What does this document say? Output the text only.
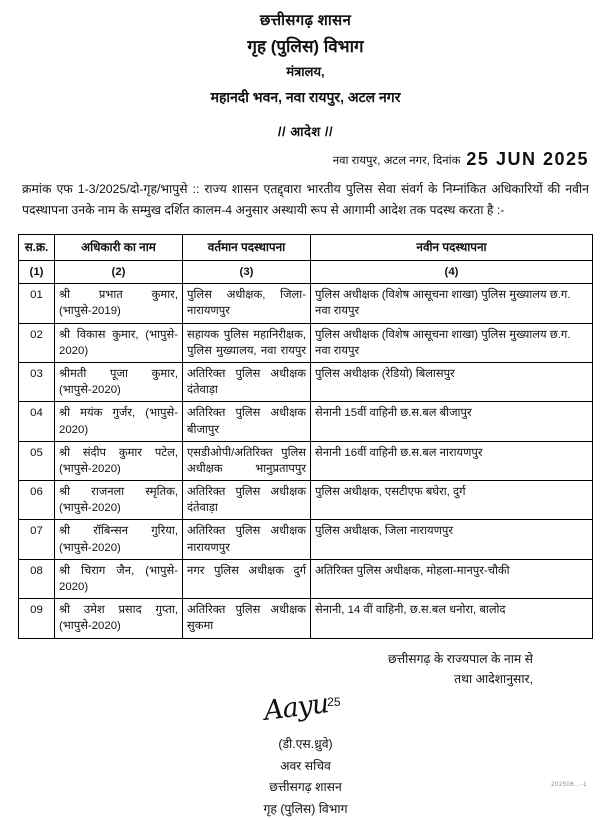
छत्तीसगढ़ शासन
गृह (पुलिस) विभाग
मंत्रालय,
महानदी भवन, नवा रायपुर, अटल नगर
// आदेश //
नवा रायपुर, अटल नगर, दिनांक 25 JUN 2025
क्रमांक एफ 1-3/2025/दो-गृह/भापुसे :: राज्य शासन एतद्द्वारा भारतीय पुलिस सेवा संवर्ग के निम्नांकित अधिकारियों की नवीन पदस्थापना उनके नाम के सम्मुख दर्शित कालम-4 अनुसार अस्थायी रूप से आगामी आदेश तक पदस्थ करता है :-
स.क्र.	अधिकारी का नाम	वर्तमान पदस्थापना	नवीन पदस्थापना
(1)	(2)	(3)	(4)
01	श्री प्रभात कुमार, (भापुसे-2019)	पुलिस अधीक्षक, जिला-नारायणपुर	पुलिस अधीक्षक (विशेष आसूचना शाखा) पुलिस मुख्यालय छ.ग. नवा रायपुर
02	श्री विकास कुमार, (भापुसे- 2020)	सहायक पुलिस महानिरीक्षक, पुलिस मुख्यालय, नवा रायपुर	पुलिस अधीक्षक (विशेष आसूचना शाखा) पुलिस मुख्यालय छ.ग. नवा रायपुर
03	श्रीमती पूजा कुमार, (भापुसे-2020)	अतिरिक्त पुलिस अधीक्षक दंतेवाड़ा	पुलिस अधीक्षक (रेडियो) बिलासपुर
04	श्री मयंक गुर्जर, (भापुसे- 2020)	अतिरिक्त पुलिस अधीक्षक बीजापुर	सेनानी 15वीं वाहिनी छ.स.बल बीजापुर
05	श्री संदीप कुमार पटेल, (भापुसे-2020)	एसडीओपी/अतिरिक्त पुलिस अधीक्षक भानुप्रतापपुर	सेनानी 16वीं वाहिनी छ.स.बल नारायणपुर
06	श्री राजनला स्मृतिक, (भापुसे-2020)	अतिरिक्त पुलिस अधीक्षक दंतेवाड़ा	पुलिस अधीक्षक, एसटीएफ बघेरा, दुर्ग
07	श्री रॉबिन्सन गुरिया, (भापुसे-2020)	अतिरिक्त पुलिस अधीक्षक नारायणपुर	पुलिस अधीक्षक, जिला नारायणपुर
08	श्री चिराग जैन, (भापुसे- 2020)	नगर पुलिस अधीक्षक दुर्ग	अतिरिक्त पुलिस अधीक्षक, मोहला-मानपुर-चौकी
09	श्री उमेश प्रसाद गुप्ता, (भापुसे-2020)	अतिरिक्त पुलिस अधीक्षक सुकमा	सेनानी, 14 वीं वाहिनी, छ.स.बल धनोरा, बालोद
छत्तीसगढ़ के राज्यपाल के नाम से
तथा आदेशानुसार,
Aayu $^{25}$
(डी.एस.ध्रुवे)
अवर सचिव
छत्तीसगढ़ शासन
गृह (पुलिस) विभाग
202506...-1
